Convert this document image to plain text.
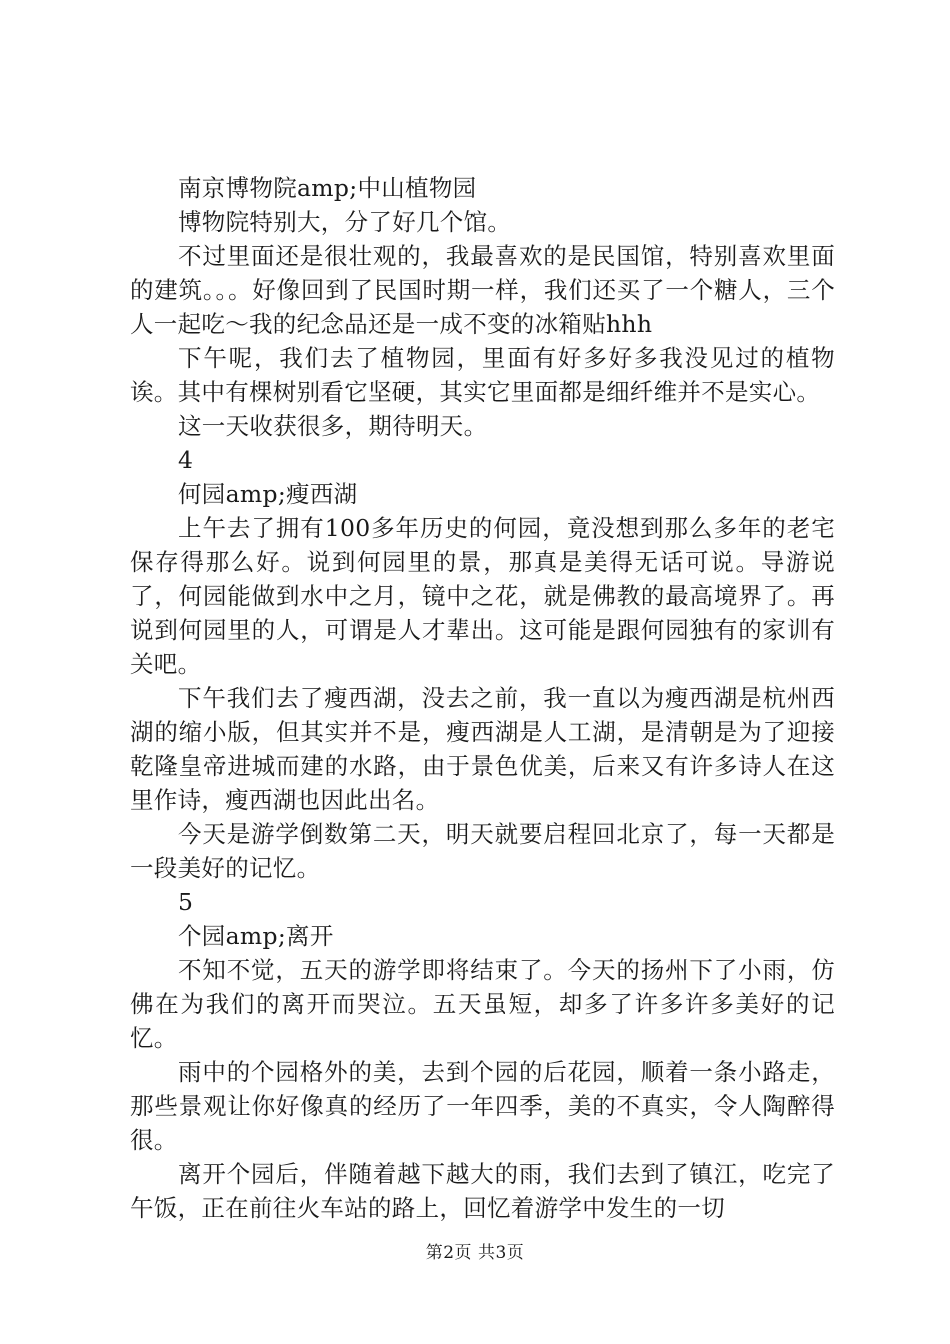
南京博物院amp;中山植物园

博物院特别大，分了好几个馆。

不过里面还是很壮观的，我最喜欢的是民国馆，特别喜欢里面的建筑。。。好像回到了民国时期一样，我们还买了一个糖人，三个人一起吃～我的纪念品还是一成不变的冰箱贴hhh

下午呢，我们去了植物园，里面有好多好多我没见过的植物诶。其中有棵树别看它坚硬，其实它里面都是细纤维并不是实心。

这一天收获很多，期待明天。

4

何园amp;瘦西湖

上午去了拥有100多年历史的何园，竟没想到那么多年的老宅保存得那么好。说到何园里的景，那真是美得无话可说。导游说了，何园能做到水中之月，镜中之花，就是佛教的最高境界了。再说到何园里的人，可谓是人才辈出。这可能是跟何园独有的家训有关吧。

下午我们去了瘦西湖，没去之前，我一直以为瘦西湖是杭州西湖的缩小版，但其实并不是，瘦西湖是人工湖，是清朝是为了迎接乾隆皇帝进城而建的水路，由于景色优美，后来又有许多诗人在这里作诗，瘦西湖也因此出名。

今天是游学倒数第二天，明天就要启程回北京了，每一天都是一段美好的记忆。

5

个园amp;离开

不知不觉，五天的游学即将结束了。今天的扬州下了小雨，仿佛在为我们的离开而哭泣。五天虽短，却多了许多许多美好的记忆。

雨中的个园格外的美，去到个园的后花园，顺着一条小路走，那些景观让你好像真的经历了一年四季，美的不真实，令人陶醉得很。

离开个园后，伴随着越下越大的雨，我们去到了镇江，吃完了午饭，正在前往火车站的路上，回忆着游学中发生的一切

第2页 共3页
